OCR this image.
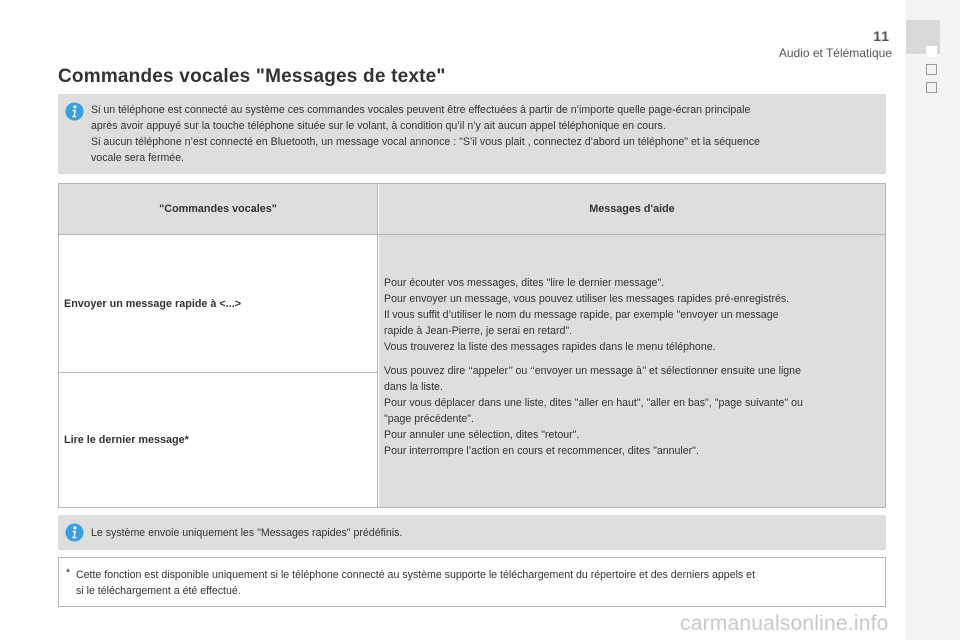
11
Audio et Télématique
Commandes vocales "Messages de texte"
Si un téléphone est connecté au système ces commandes vocales peuvent être effectuées à partir de n’importe quelle page-écran principale
après avoir appuyé sur la touche téléphone située sur le volant, à condition qu’il n’y ait aucun appel téléphonique en cours.
Si aucun téléphone n’est connecté en Bluetooth, un message vocal annonce : "S’il vous plait , connectez d’abord un téléphone" et la séquence
vocale sera fermée.
"Commandes vocales"	Messages d'aide
Envoyer un message rapide à <...>
Lire le dernier message*
Pour écouter vos messages, dites "lire le dernier message".
Pour envoyer un message, vous pouvez utiliser les messages rapides pré-enregistrés.
Il vous suffit d’utiliser le nom du message rapide, par exemple "envoyer un message
rapide à Jean-Pierre, je serai en retard".
Vous trouverez la liste des messages rapides dans le menu téléphone.
Vous pouvez dire ‘‘appeler’’ ou ‘‘envoyer un message à’’ et sélectionner ensuite une ligne
dans la liste.
Pour vous déplacer dans une liste, dites "aller en haut", "aller en bas", "page suivante" ou
"page précédente".
Pour annuler une sélection, dites "retour".
Pour interrompre l’action en cours et recommencer, dites "annuler".
Le système envoie uniquement les "Messages rapides" prédéfinis.
* Cette fonction est disponible uniquement si le téléphone connecté au système supporte le téléchargement du répertoire et des derniers appels et
si le téléchargement a été effectué.
carmanualsonline.info
